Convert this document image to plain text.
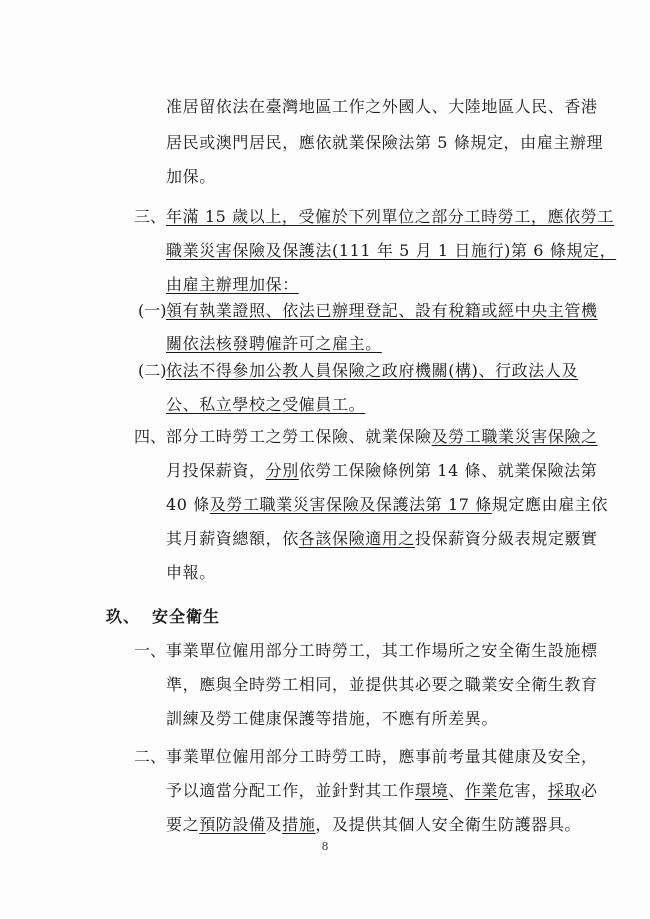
准居留依法在臺灣地區工作之外國人、大陸地區人民、香港
居民或澳門居民，應依就業保險法第 5 條規定，由雇主辦理
加保。
三、 年滿 15 歲以上，受僱於下列單位之部分工時勞工，應依勞工
職業災害保險及保護法(111 年 5 月 1 日施行)第 6 條規定，
由雇主辦理加保：
(一) 領有執業證照、依法已辦理登記、設有稅籍或經中央主管機
關依法核發聘僱許可之雇主。
(二) 依法不得參加公教人員保險之政府機關(構)、行政法人及
公、私立學校之受僱員工。
四、 部分工時勞工之勞工保險、就業保險及勞工職業災害保險之
月投保薪資，分別依勞工保險條例第 14 條、就業保險法第
40 條及勞工職業災害保險及保護法第 17 條規定應由雇主依
其月薪資總額，依各該保險適用之投保薪資分級表規定覈實
申報。
玖、 安全衛生
一、 事業單位僱用部分工時勞工，其工作場所之安全衛生設施標
準，應與全時勞工相同，並提供其必要之職業安全衛生教育
訓練及勞工健康保護等措施，不應有所差異。
二、 事業單位僱用部分工時勞工時，應事前考量其健康及安全，
予以適當分配工作，並針對其工作環境、作業危害，採取必
要之預防設備及措施，及提供其個人安全衛生防護器具。
8
